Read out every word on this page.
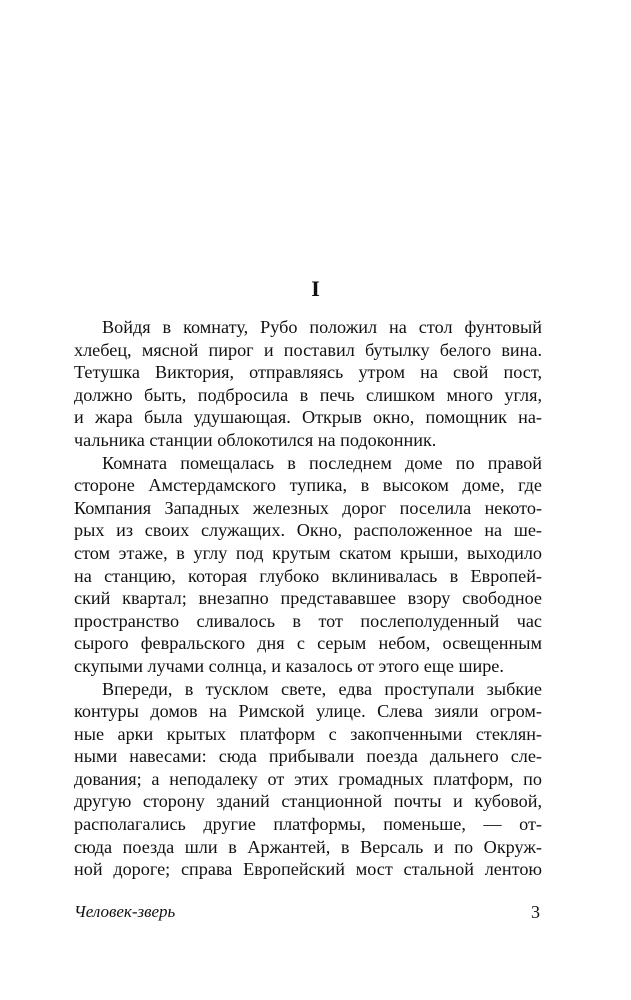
I

Войдя в комнату, Рубо положил на стол фунтовый
хлебец, мясной пирог и поставил бутылку белого вина.
Тетушка Виктория, отправляясь утром на свой пост,
должно быть, подбросила в печь слишком много угля,
и жара была удушающая. Открыв окно, помощник на-
чальника станции облокотился на подоконник.

Комната помещалась в последнем доме по правой
стороне Амстердамского тупика, в высоком доме, где
Компания Западных железных дорог поселила некото-
рых из своих служащих. Окно, расположенное на ше-
стом этаже, в углу под крутым скатом крыши, выходило
на станцию, которая глубоко вклинивалась в Европей-
ский квартал; внезапно представавшее взору свободное
пространство сливалось в тот послеполуденный час
сырого февральского дня с серым небом, освещенным
скупыми лучами солнца, и казалось от этого еще шире.

Впереди, в тусклом свете, едва проступали зыбкие
контуры домов на Римской улице. Слева зияли огром-
ные арки крытых платформ с закопченными стеклян-
ными навесами: сюда прибывали поезда дальнего сле-
дования; а неподалеку от этих громадных платформ, по
другую сторону зданий станционной почты и кубовой,
располагались другие платформы, поменьше, — от-
сюда поезда шли в Аржантей, в Версаль и по Окруж-
ной дороге; справа Европейский мост стальной лентою

Человек-зверь	3
